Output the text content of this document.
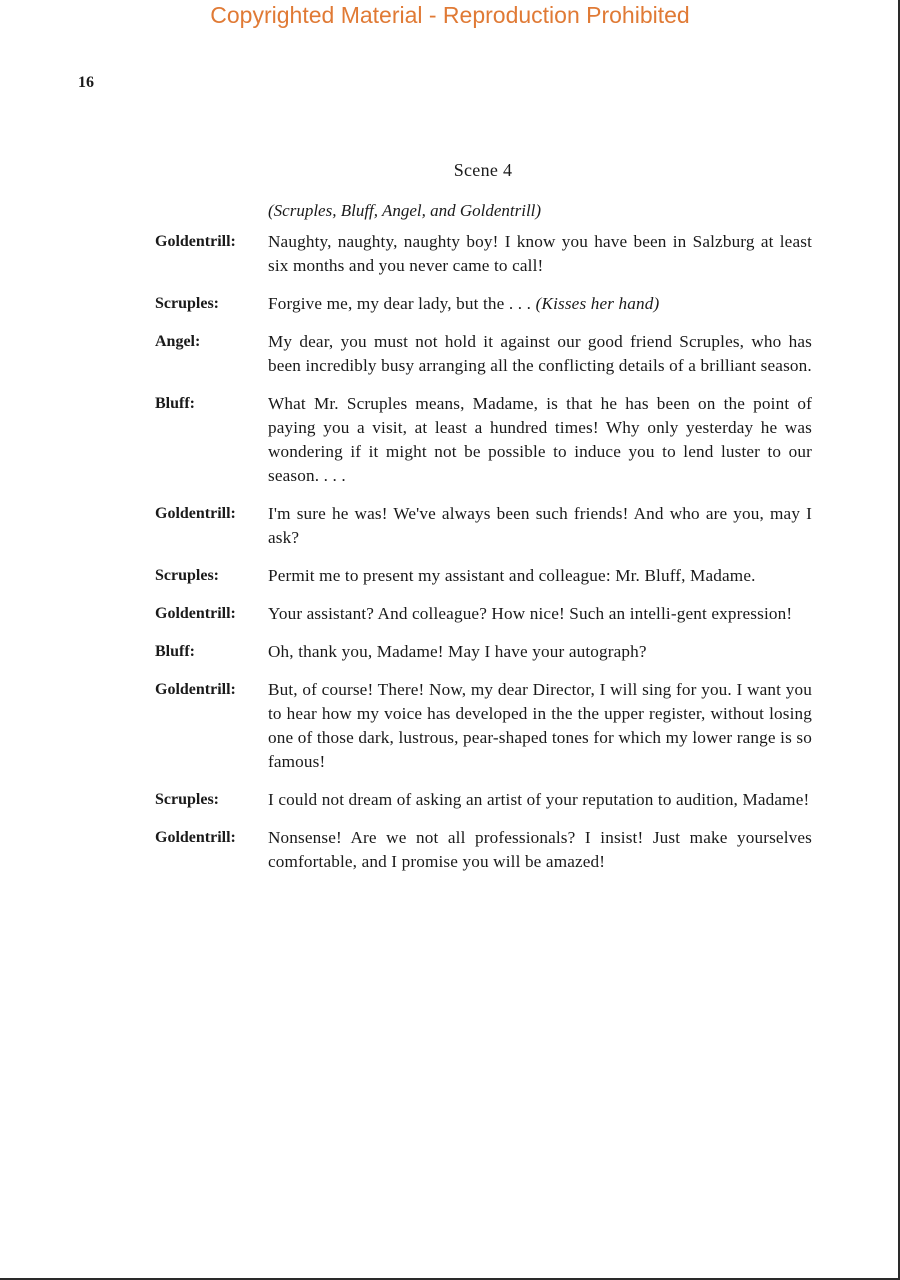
Copyrighted Material - Reproduction Prohibited
16
Scene 4
(Scruples, Bluff, Angel, and Goldentrill)
Goldentrill:	Naughty, naughty, naughty boy! I know you have been in Salzburg at least six months and you never came to call!
Scruples:	Forgive me, my dear lady, but the . . . (Kisses her hand)
Angel:	My dear, you must not hold it against our good friend Scruples, who has been incredibly busy arranging all the conflicting details of a brilliant season.
Bluff:	What Mr. Scruples means, Madame, is that he has been on the point of paying you a visit, at least a hundred times! Why only yesterday he was wondering if it might not be possible to induce you to lend luster to our season. . . .
Goldentrill:	I'm sure he was! We've always been such friends! And who are you, may I ask?
Scruples:	Permit me to present my assistant and colleague: Mr. Bluff, Madame.
Goldentrill:	Your assistant? And colleague? How nice! Such an intelli-gent expression!
Bluff:	Oh, thank you, Madame! May I have your autograph?
Goldentrill:	But, of course! There! Now, my dear Director, I will sing for you. I want you to hear how my voice has developed in the the upper register, without losing one of those dark, lustrous, pear-shaped tones for which my lower range is so famous!
Scruples:	I could not dream of asking an artist of your reputation to audition, Madame!
Goldentrill:	Nonsense! Are we not all professionals? I insist! Just make yourselves comfortable, and I promise you will be amazed!
